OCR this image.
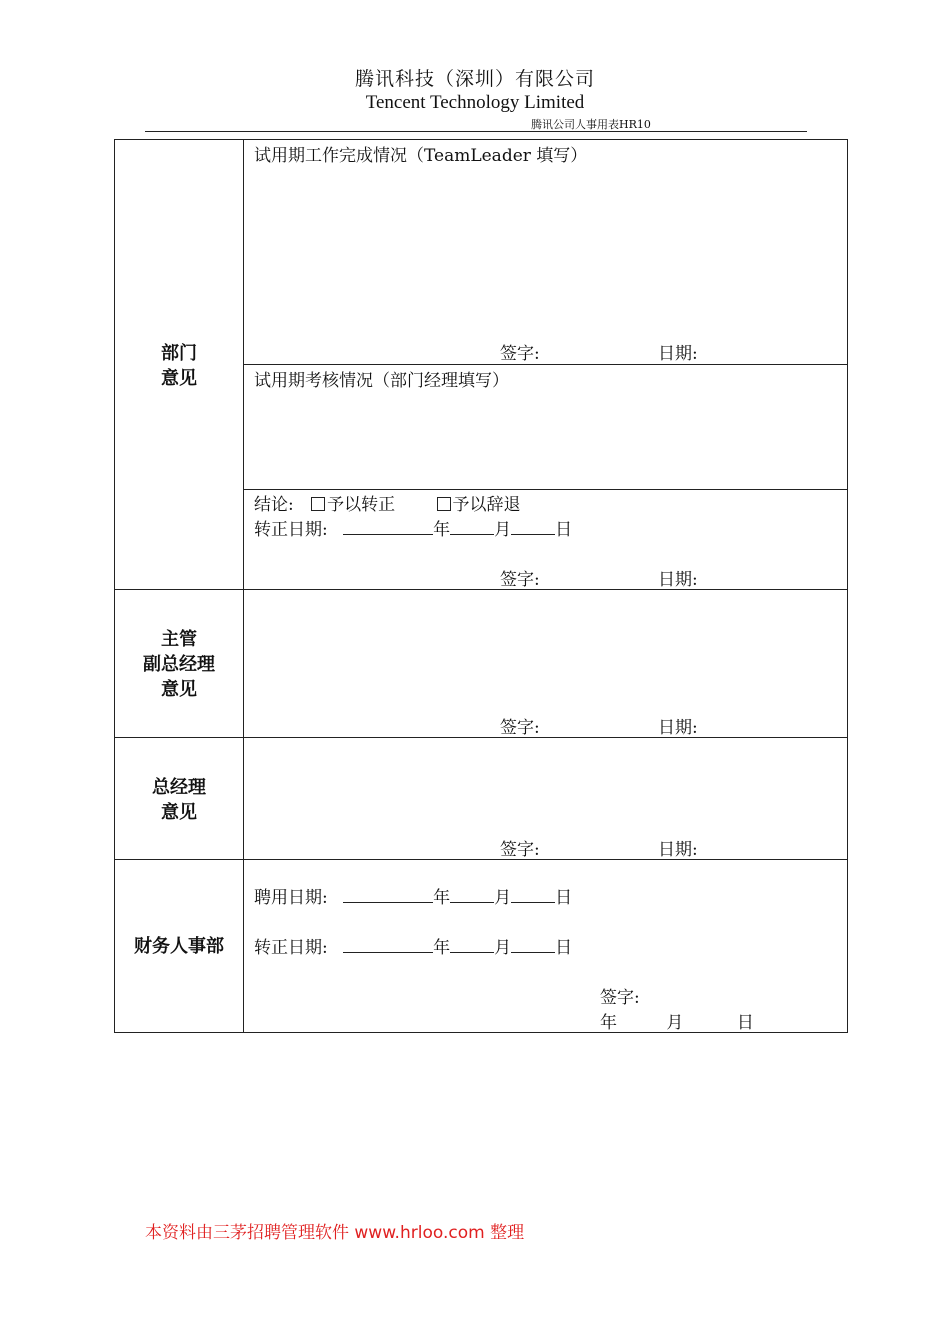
腾讯科技（深圳）有限公司
Tencent Technology Limited
腾讯公司人事用表HR10
部门
意见
试用期工作完成情况（TeamLeader 填写）
签字:	日期:
试用期考核情况（部门经理填写）
结论: 予以转正	予以辞退
转正日期:	年	月	日
签字:	日期:
主管
副总经理
意见
签字:	日期:
总经理
意见
签字:	日期:
财务人事部
聘用日期:	年	月	日
转正日期:	年	月	日
签字:
年	月	日
本资料由三茅招聘管理软件 www.hrloo.com 整理
